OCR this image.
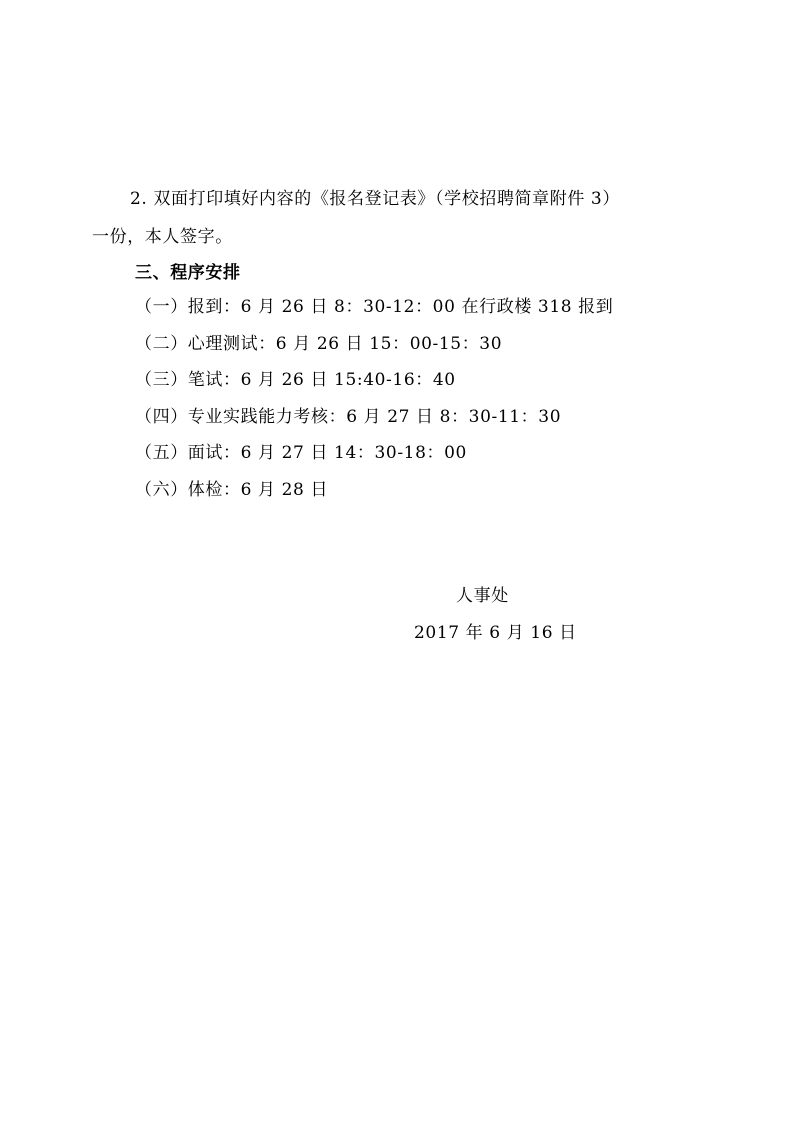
2. 双面打印填好内容的《报名登记表》（学校招聘简章附件 3）
一份，本人签字。
三、程序安排
（一）报到：6 月 26 日 8：30-12：00 在行政楼 318 报到
（二）心理测试：6 月 26 日 15：00-15：30
（三）笔试：6 月 26 日 15:40-16：40
（四）专业实践能力考核：6 月 27 日 8：30-11：30
（五）面试：6 月 27 日 14：30-18：00
（六）体检：6 月 28 日
人事处
2017 年 6 月 16 日
